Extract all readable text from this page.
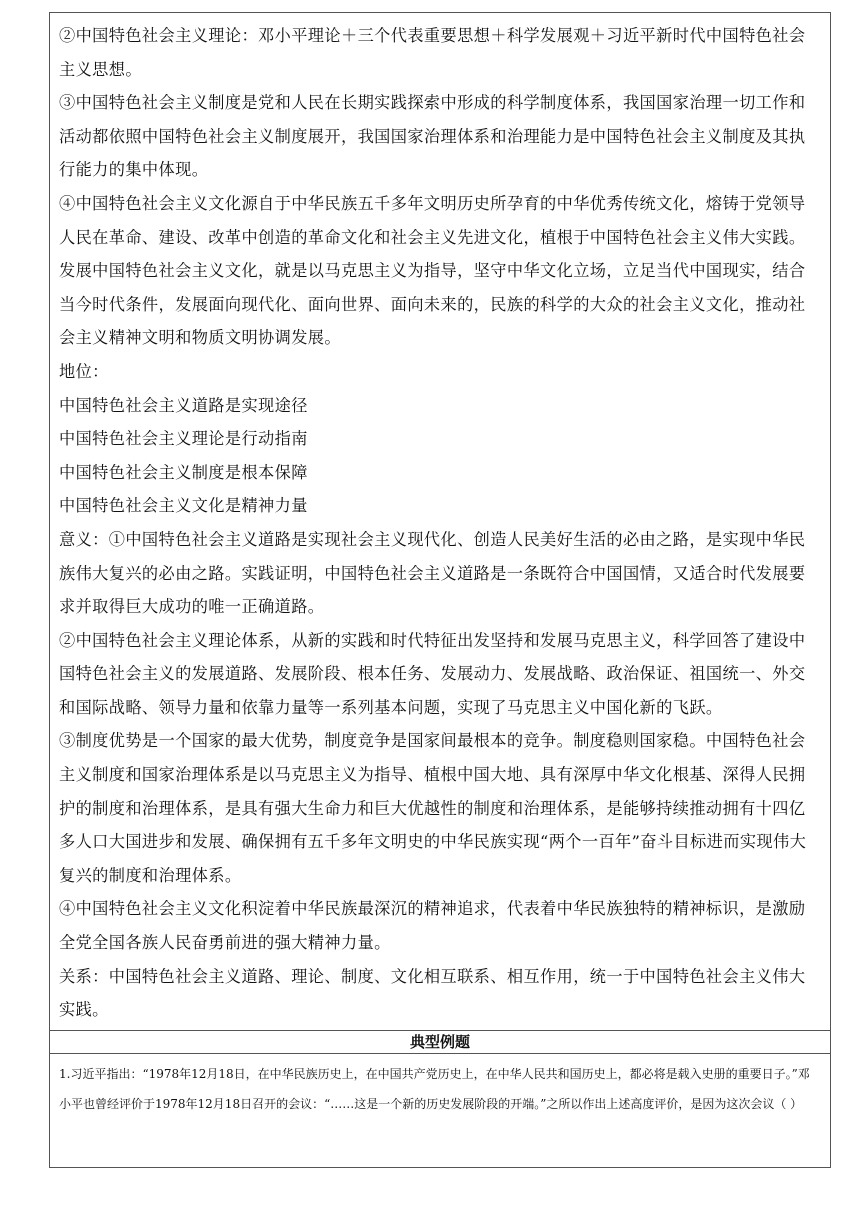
②中国特色社会主义理论：邓小平理论＋三个代表重要思想＋科学发展观＋习近平新时代中国特色社会主义思想。

③中国特色社会主义制度是党和人民在长期实践探索中形成的科学制度体系，我国国家治理一切工作和活动都依照中国特色社会主义制度展开，我国国家治理体系和治理能力是中国特色社会主义制度及其执行能力的集中体现。

④中国特色社会主义文化源自于中华民族五千多年文明历史所孕育的中华优秀传统文化，熔铸于党领导人民在革命、建设、改革中创造的革命文化和社会主义先进文化，植根于中国特色社会主义伟大实践。发展中国特色社会主义文化，就是以马克思主义为指导，坚守中华文化立场，立足当代中国现实，结合当今时代条件，发展面向现代化、面向世界、面向未来的，民族的科学的大众的社会主义文化，推动社会主义精神文明和物质文明协调发展。

地位：

中国特色社会主义道路是实现途径

中国特色社会主义理论是行动指南

中国特色社会主义制度是根本保障

中国特色社会主义文化是精神力量

意义：①中国特色社会主义道路是实现社会主义现代化、创造人民美好生活的必由之路，是实现中华民族伟大复兴的必由之路。实践证明，中国特色社会主义道路是一条既符合中国国情，又适合时代发展要求并取得巨大成功的唯一正确道路。

②中国特色社会主义理论体系，从新的实践和时代特征出发坚持和发展马克思主义，科学回答了建设中国特色社会主义的发展道路、发展阶段、根本任务、发展动力、发展战略、政治保证、祖国统一、外交和国际战略、领导力量和依靠力量等一系列基本问题，实现了马克思主义中国化新的飞跃。

③制度优势是一个国家的最大优势，制度竞争是国家间最根本的竞争。制度稳则国家稳。中国特色社会主义制度和国家治理体系是以马克思主义为指导、植根中国大地、具有深厚中华文化根基、深得人民拥护的制度和治理体系，是具有强大生命力和巨大优越性的制度和治理体系，是能够持续推动拥有十四亿多人口大国进步和发展、确保拥有五千多年文明史的中华民族实现“两个一百年”奋斗目标进而实现伟大复兴的制度和治理体系。

④中国特色社会主义文化积淀着中华民族最深沉的精神追求，代表着中华民族独特的精神标识，是激励全党全国各族人民奋勇前进的强大精神力量。

关系：中国特色社会主义道路、理论、制度、文化相互联系、相互作用，统一于中国特色社会主义伟大实践。

典型例题

1.习近平指出：“1978年12月18日，在中华民族历史上，在中国共产党历史上，在中华人民共和国历史上，都必将是载入史册的重要日子。”邓小平也曾经评价于1978年12月18日召开的会议：“……这是一个新的历史发展阶段的开端。”之所以作出上述高度评价，是因为这次会议（ ）
